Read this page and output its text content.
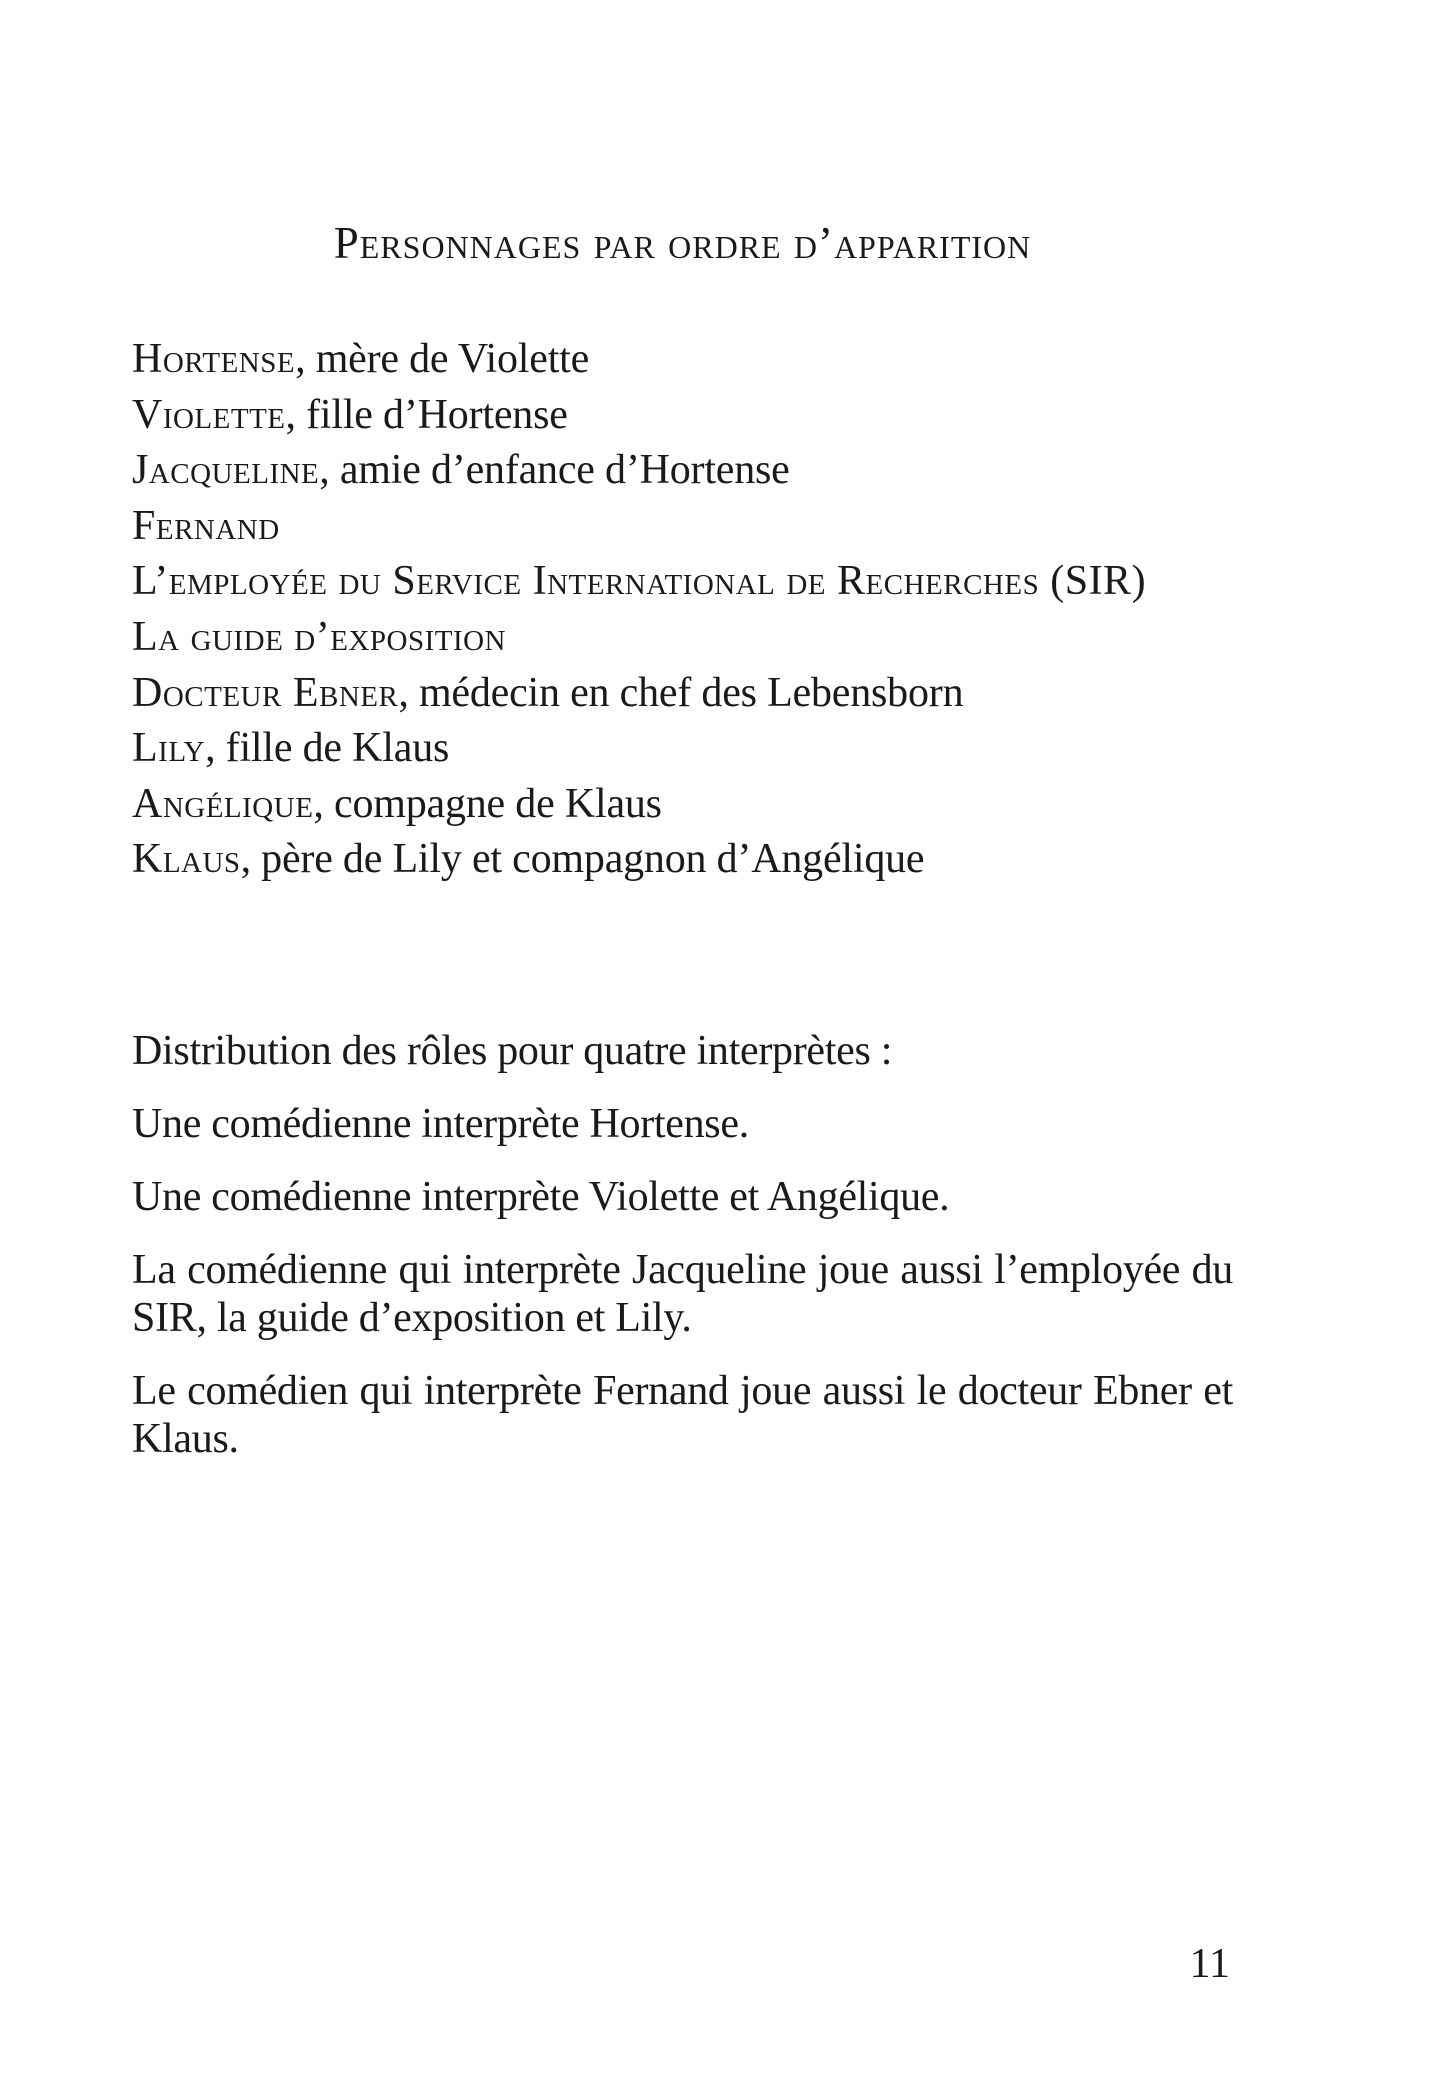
Personnages par ordre d’apparition
Hortense, mère de Violette
Violette, fille d’Hortense
Jacqueline, amie d’enfance d’Hortense
Fernand
L’employée du Service International de Recherches (SIR)
La guide d’exposition
Docteur Ebner, médecin en chef des Lebensborn
Lily, fille de Klaus
Angélique, compagne de Klaus
Klaus, père de Lily et compagnon d’Angélique

Distribution des rôles pour quatre interprètes :

Une comédienne interprète Hortense.

Une comédienne interprète Violette et Angélique.

La comédienne qui interprète Jacqueline joue aussi l’employée du SIR, la guide d’exposition et Lily.

Le comédien qui interprète Fernand joue aussi le docteur Ebner et Klaus.

11
